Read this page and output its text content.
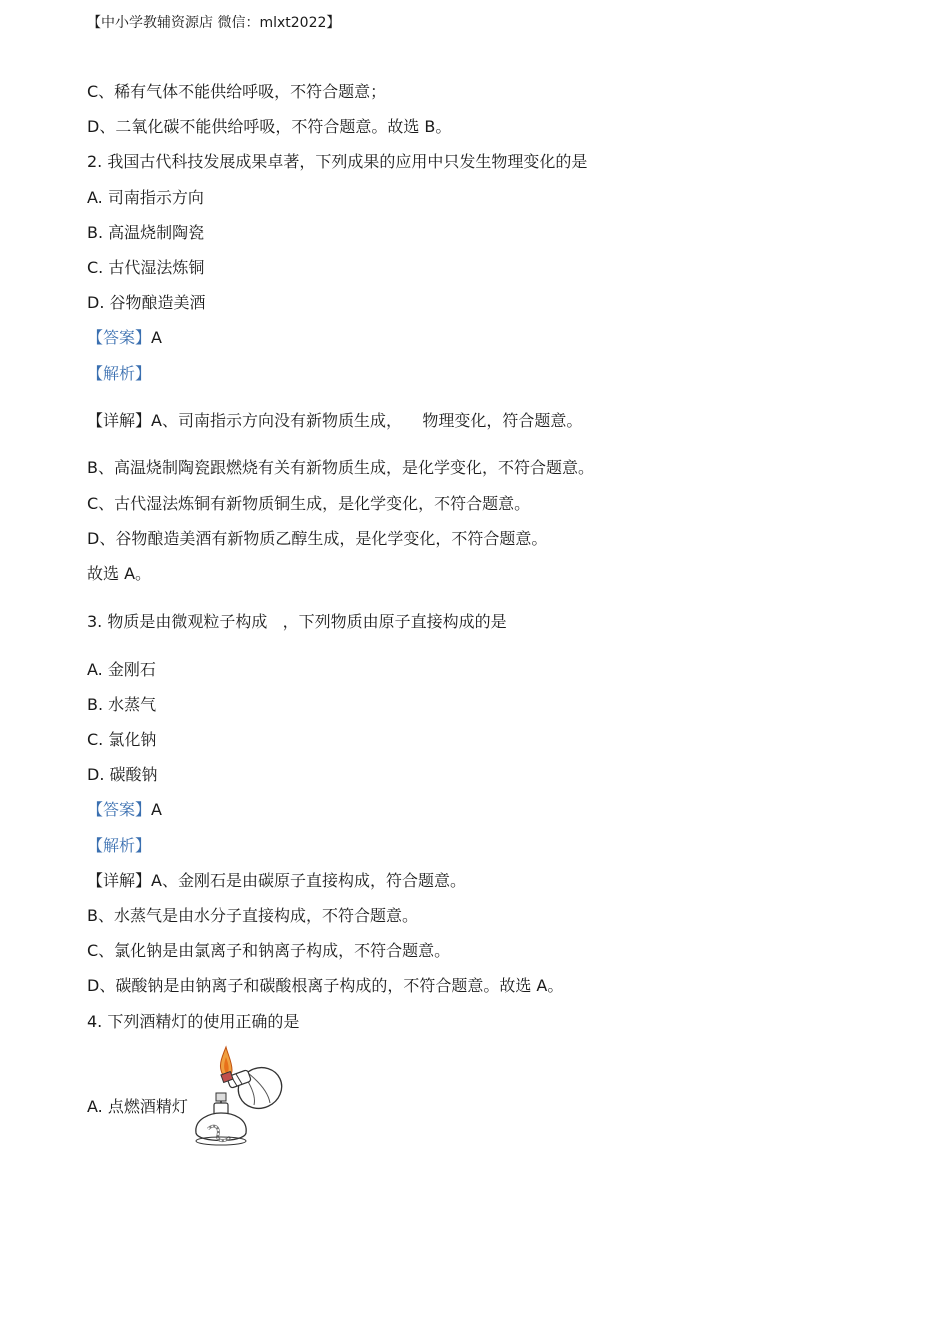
【中小学教辅资源店 微信：mlxt2022】
C、稀有气体不能供给呼吸，不符合题意；
D、二氧化碳不能供给呼吸，不符合题意。故选 B。
2. 我国古代科技发展成果卓著，下列成果的应用中只发生物理变化的是
A. 司南指示方向
B. 高温烧制陶瓷
C. 古代湿法炼铜
D. 谷物酿造美酒
【答案】A
【解析】
【详解】A、司南指示方向没有新物质生成，    物理变化，符合题意。
B、高温烧制陶瓷跟燃烧有关有新物质生成，是化学变化，不符合题意。
C、古代湿法炼铜有新物质铜生成，是化学变化，不符合题意。
D、谷物酿造美酒有新物质乙醇生成，是化学变化，不符合题意。
故选 A。
3. 物质是由微观粒子构成   ，下列物质由原子直接构成的是
A. 金刚石
B. 水蒸气
C. 氯化钠
D. 碳酸钠
【答案】A
【解析】
【详解】A、金刚石是由碳原子直接构成，符合题意。
B、水蒸气是由水分子直接构成，不符合题意。
C、氯化钠是由氯离子和钠离子构成，不符合题意。
D、碳酸钠是由钠离子和碳酸根离子构成的，不符合题意。故选 A。
4. 下列酒精灯的使用正确的是
A. 点燃酒精灯
